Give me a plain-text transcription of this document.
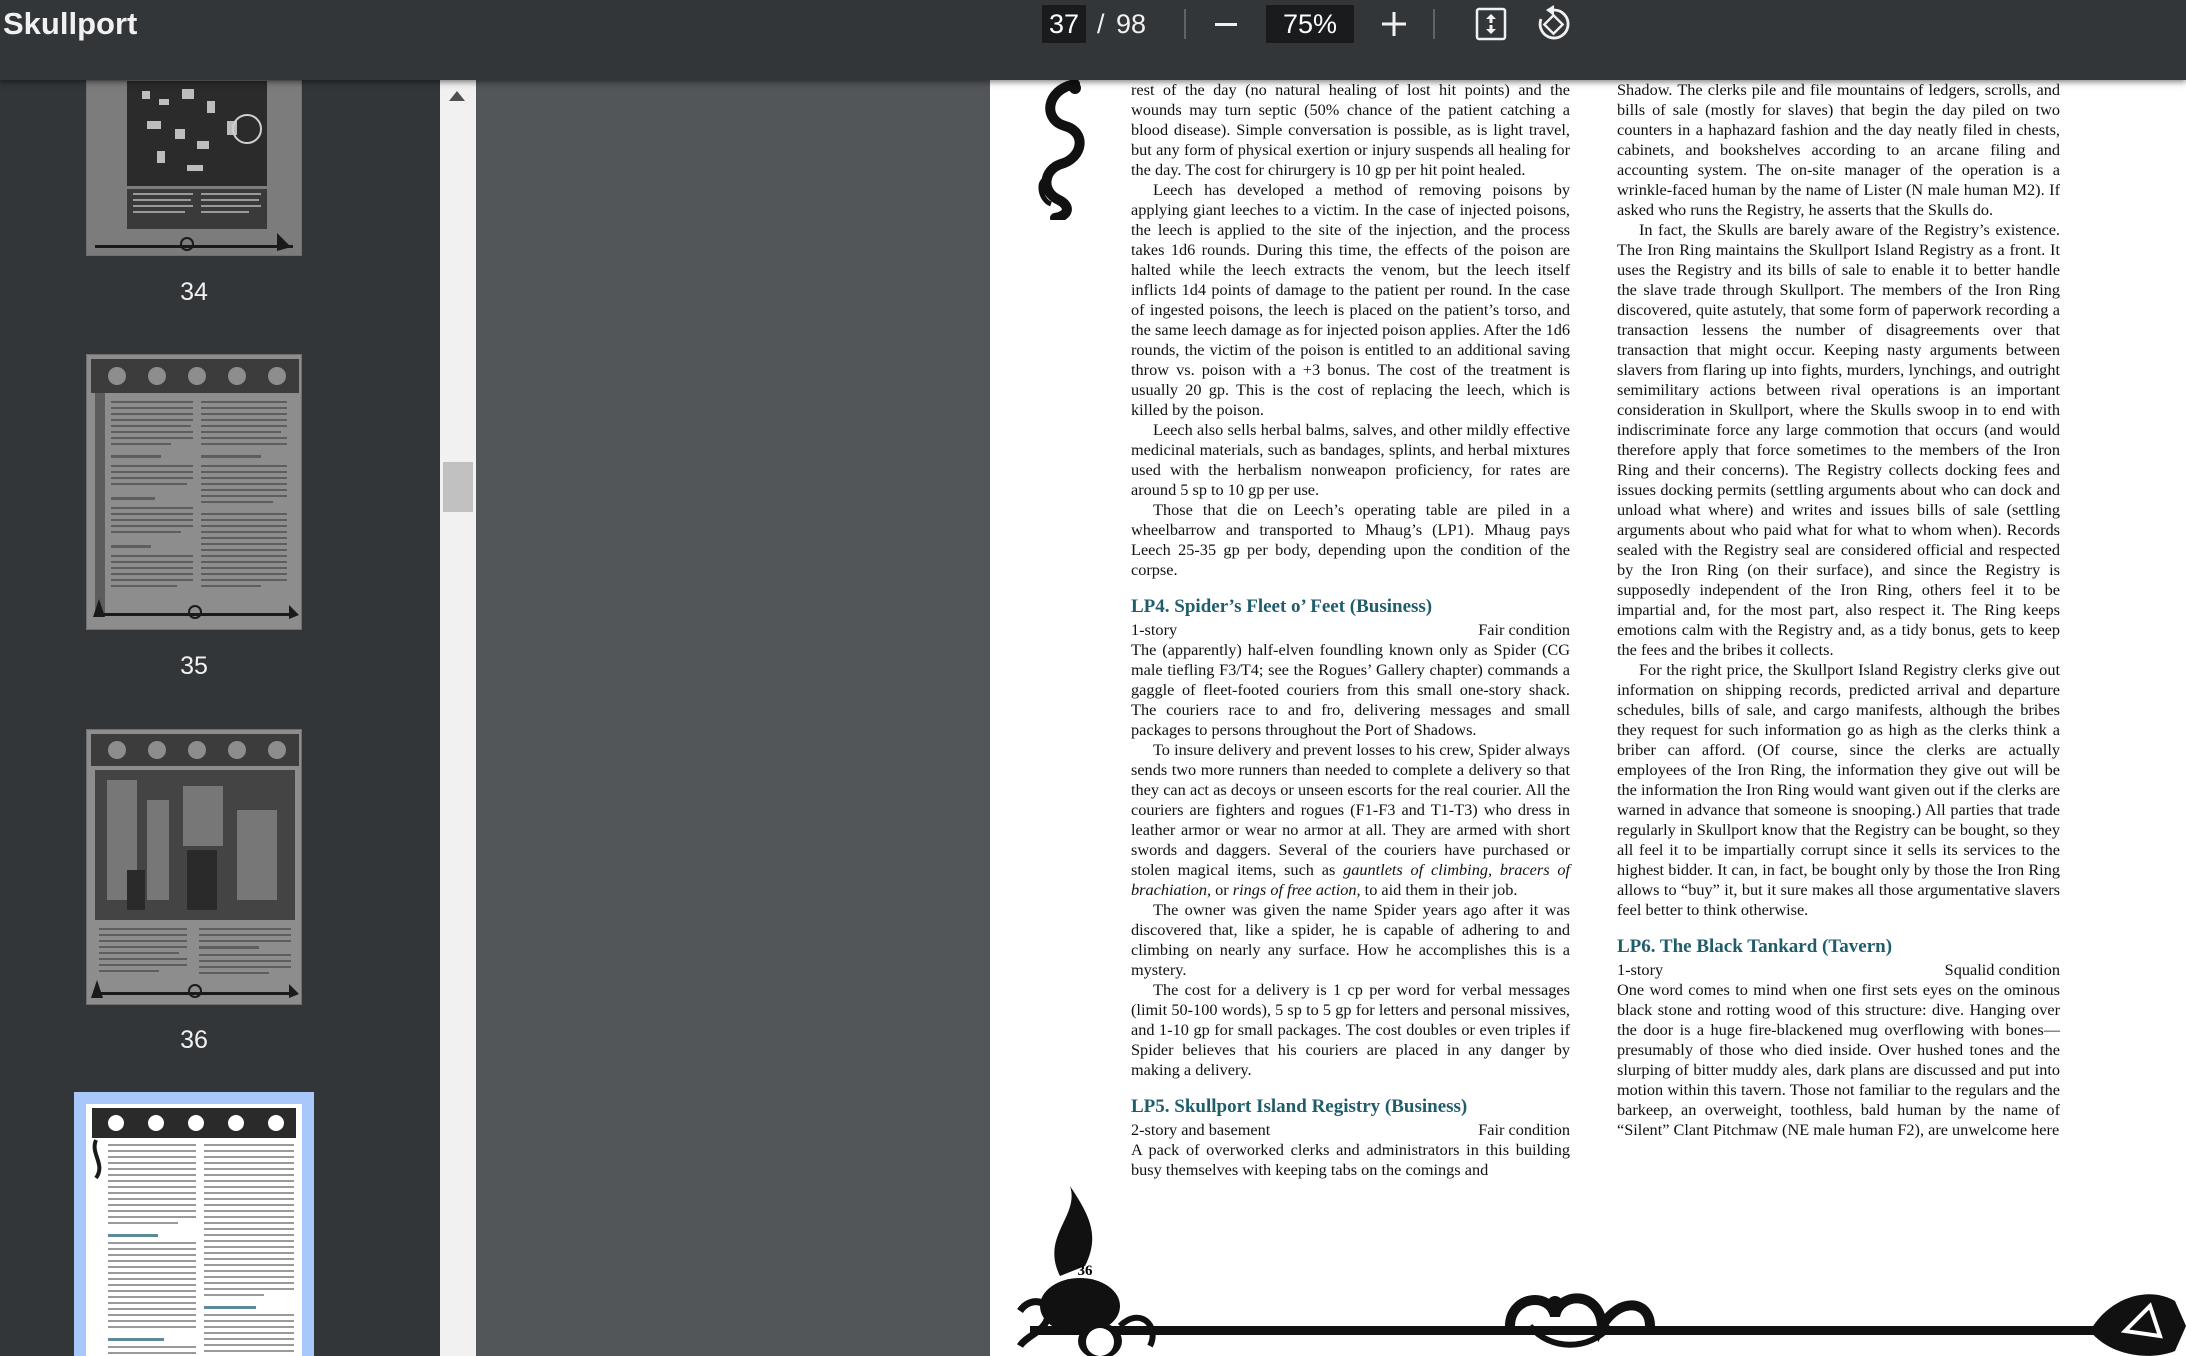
Skullport	37 / 98	75%
34
35
36

rest of the day (no natural healing of lost hit points) and the wounds may turn septic (50% chance of the patient catching a blood disease). Simple conversation is possible, as is light travel, but any form of physical exertion or injury suspends all healing for the day. The cost for chirurgery is 10 gp per hit point healed.

Leech has developed a method of removing poisons by applying giant leeches to a victim. In the case of injected poisons, the leech is applied to the site of the injection, and the process takes 1d6 rounds. During this time, the effects of the poison are halted while the leech extracts the venom, but the leech itself inflicts 1d4 points of damage to the patient per round. In the case of ingested poisons, the leech is placed on the patient’s torso, and the same leech damage as for injected poison applies. After the 1d6 rounds, the victim of the poison is entitled to an additional saving throw vs. poison with a +3 bonus. The cost of the treatment is usually 20 gp. This is the cost of replacing the leech, which is killed by the poison.

Leech also sells herbal balms, salves, and other mildly effective medicinal materials, such as bandages, splints, and herbal mixtures used with the herbalism nonweapon proficiency, for rates are around 5 sp to 10 gp per use.

Those that die on Leech’s operating table are piled in a wheelbarrow and transported to Mhaug’s (LP1). Mhaug pays Leech 25-35 gp per body, depending upon the condition of the corpse.

LP4. Spider’s Fleet o’ Feet (Business)
1-story	Fair condition

The (apparently) half-elven foundling known only as Spider (CG male tiefling F3/T4; see the Rogues’ Gallery chapter) commands a gaggle of fleet-footed couriers from this small one-story shack. The couriers race to and fro, delivering messages and small packages to persons throughout the Port of Shadows.

To insure delivery and prevent losses to his crew, Spider always sends two more runners than needed to complete a delivery so that they can act as decoys or unseen escorts for the real courier. All the couriers are fighters and rogues (F1-F3 and T1-T3) who dress in leather armor or wear no armor at all. They are armed with short swords and daggers. Several of the couriers have purchased or stolen magical items, such as gauntlets of climbing, bracers of brachiation, or rings of free action, to aid them in their job.

The owner was given the name Spider years ago after it was discovered that, like a spider, he is capable of adhering to and climbing on nearly any surface. How he accomplishes this is a mystery.

The cost for a delivery is 1 cp per word for verbal messages (limit 50-100 words), 5 sp to 5 gp for letters and personal missives, and 1-10 gp for small packages. The cost doubles or even triples if Spider believes that his couriers are placed in any danger by making a delivery.

LP5. Skullport Island Registry (Business)
2-story and basement	Fair condition

A pack of overworked clerks and administrators in this building busy themselves with keeping tabs on the comings and

Shadow. The clerks pile and file mountains of ledgers, scrolls, and bills of sale (mostly for slaves) that begin the day piled on two counters in a haphazard fashion and the day neatly filed in chests, cabinets, and bookshelves according to an arcane filing and accounting system. The on-site manager of the operation is a wrinkle-faced human by the name of Lister (N male human M2). If asked who runs the Registry, he asserts that the Skulls do.

In fact, the Skulls are barely aware of the Registry’s existence. The Iron Ring maintains the Skullport Island Registry as a front. It uses the Registry and its bills of sale to enable it to better handle the slave trade through Skullport. The members of the Iron Ring discovered, quite astutely, that some form of paperwork recording a transaction lessens the number of disagreements over that transaction that might occur. Keeping nasty arguments between slavers from flaring up into fights, murders, lynchings, and outright semimilitary actions between rival operations is an important consideration in Skullport, where the Skulls swoop in to end with indiscriminate force any large commotion that occurs (and would therefore apply that force sometimes to the members of the Iron Ring and their concerns). The Registry collects docking fees and issues docking permits (settling arguments about who can dock and unload what where) and writes and issues bills of sale (settling arguments about who paid what for what to whom when). Records sealed with the Registry seal are considered official and respected by the Iron Ring (on their surface), and since the Registry is supposedly independent of the Iron Ring, others feel it to be impartial and, for the most part, also respect it. The Ring keeps emotions calm with the Registry and, as a tidy bonus, gets to keep the fees and the bribes it collects.

For the right price, the Skullport Island Registry clerks give out information on shipping records, predicted arrival and departure schedules, bills of sale, and cargo manifests, although the bribes they request for such information go as high as the clerks think a briber can afford. (Of course, since the clerks are actually employees of the Iron Ring, the information they give out will be the information the Iron Ring would want given out if the clerks are warned in advance that someone is snooping.) All parties that trade regularly in Skullport know that the Registry can be bought, so they all feel it to be impartially corrupt since it sells its services to the highest bidder. It can, in fact, be bought only by those the Iron Ring allows to “buy” it, but it sure makes all those argumentative slavers feel better to think otherwise.

LP6. The Black Tankard (Tavern)
1-story	Squalid condition

One word comes to mind when one first sets eyes on the ominous black stone and rotting wood of this structure: dive. Hanging over the door is a huge fire-blackened mug overflowing with bones—presumably of those who died inside. Over hushed tones and the slurping of bitter muddy ales, dark plans are discussed and put into motion within this tavern. Those not familiar to the regulars and the barkeep, an overweight, toothless, bald human by the name of “Silent” Clant Pitchmaw (NE male human F2), are unwelcome here

36
